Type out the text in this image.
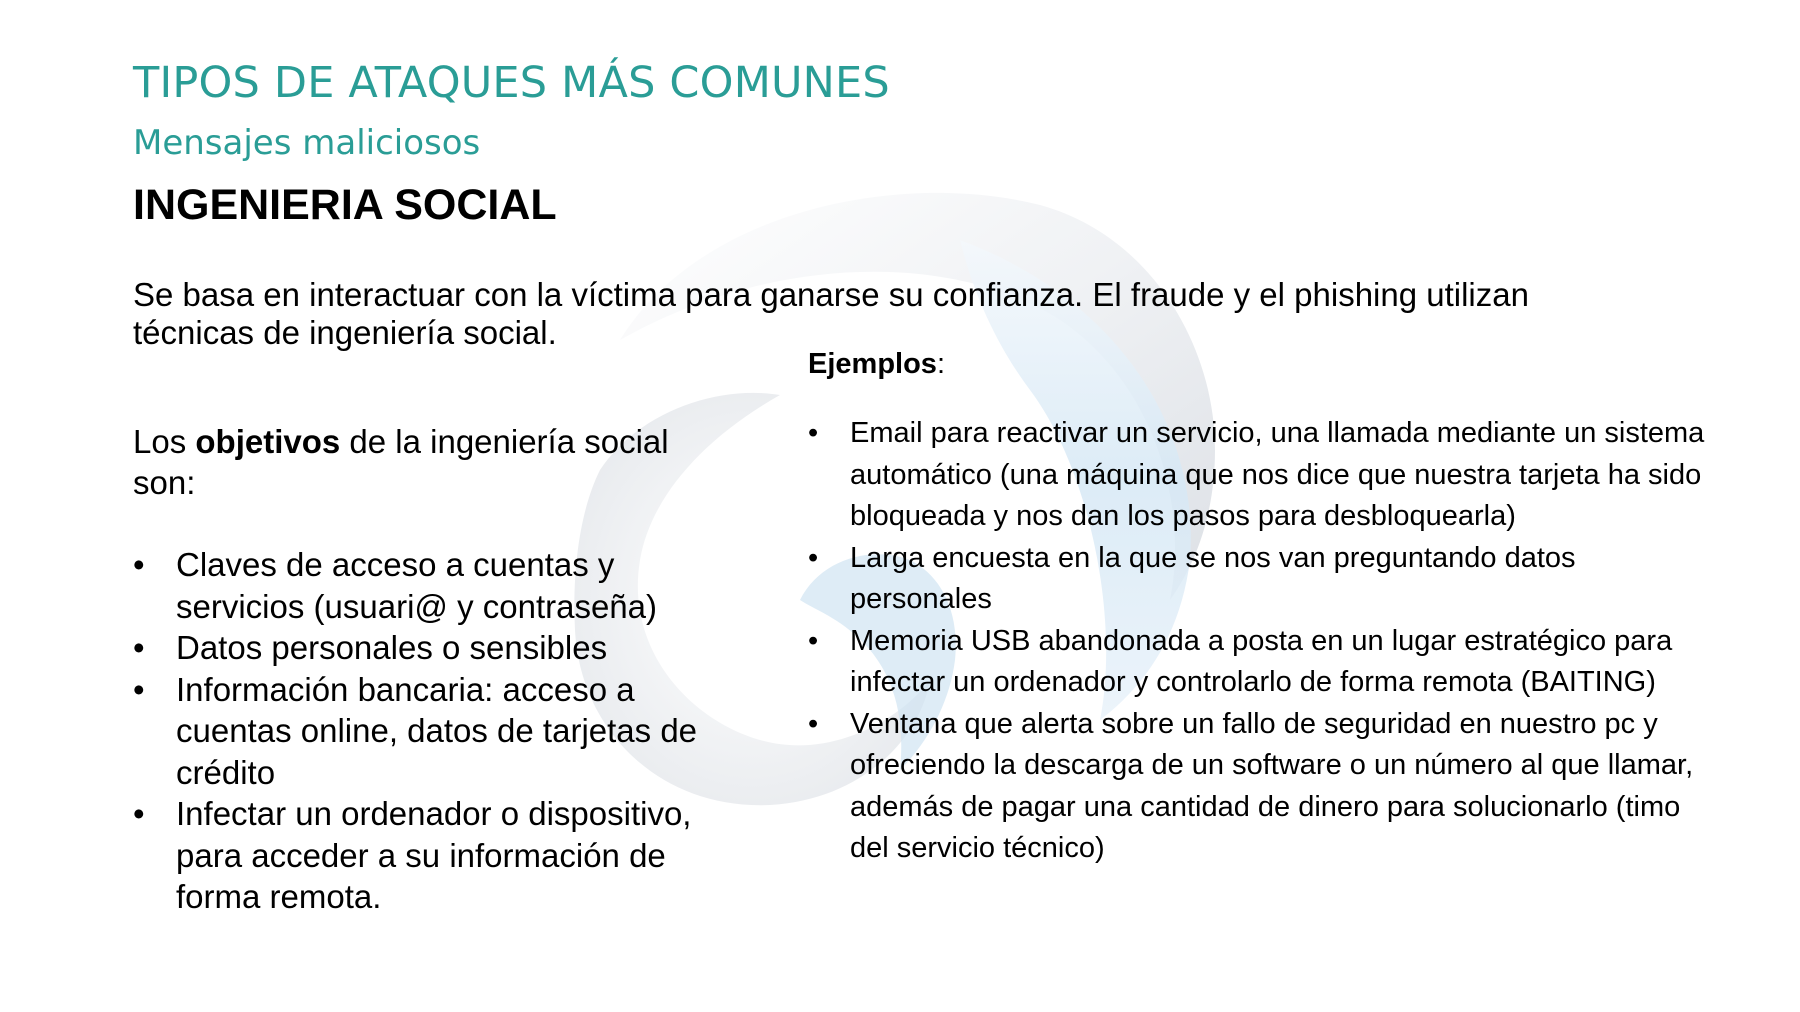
TIPOS DE ATAQUES MÁS COMUNES
Mensajes maliciosos
INGENIERIA SOCIAL

Se basa en interactuar con la víctima para ganarse su confianza. El fraude y el phishing utilizan técnicas de ingeniería social.

Los objetivos de la ingeniería social son:

• Claves de acceso a cuentas y servicios (usuari@ y contraseña)
• Datos personales o sensibles
• Información bancaria: acceso a cuentas online, datos de tarjetas de crédito
• Infectar un ordenador o dispositivo, para acceder a su información de forma remota.

Ejemplos:

• Email para reactivar un servicio, una llamada mediante un sistema automático (una máquina que nos dice que nuestra tarjeta ha sido bloqueada y nos dan los pasos para desbloquearla)
• Larga encuesta en la que se nos van preguntando datos personales
• Memoria USB abandonada a posta en un lugar estratégico para infectar un ordenador y controlarlo de forma remota (BAITING)
• Ventana que alerta sobre un fallo de seguridad en nuestro pc y ofreciendo la descarga de un software o un número al que llamar, además de pagar una cantidad de dinero para solucionarlo (timo del servicio técnico)
